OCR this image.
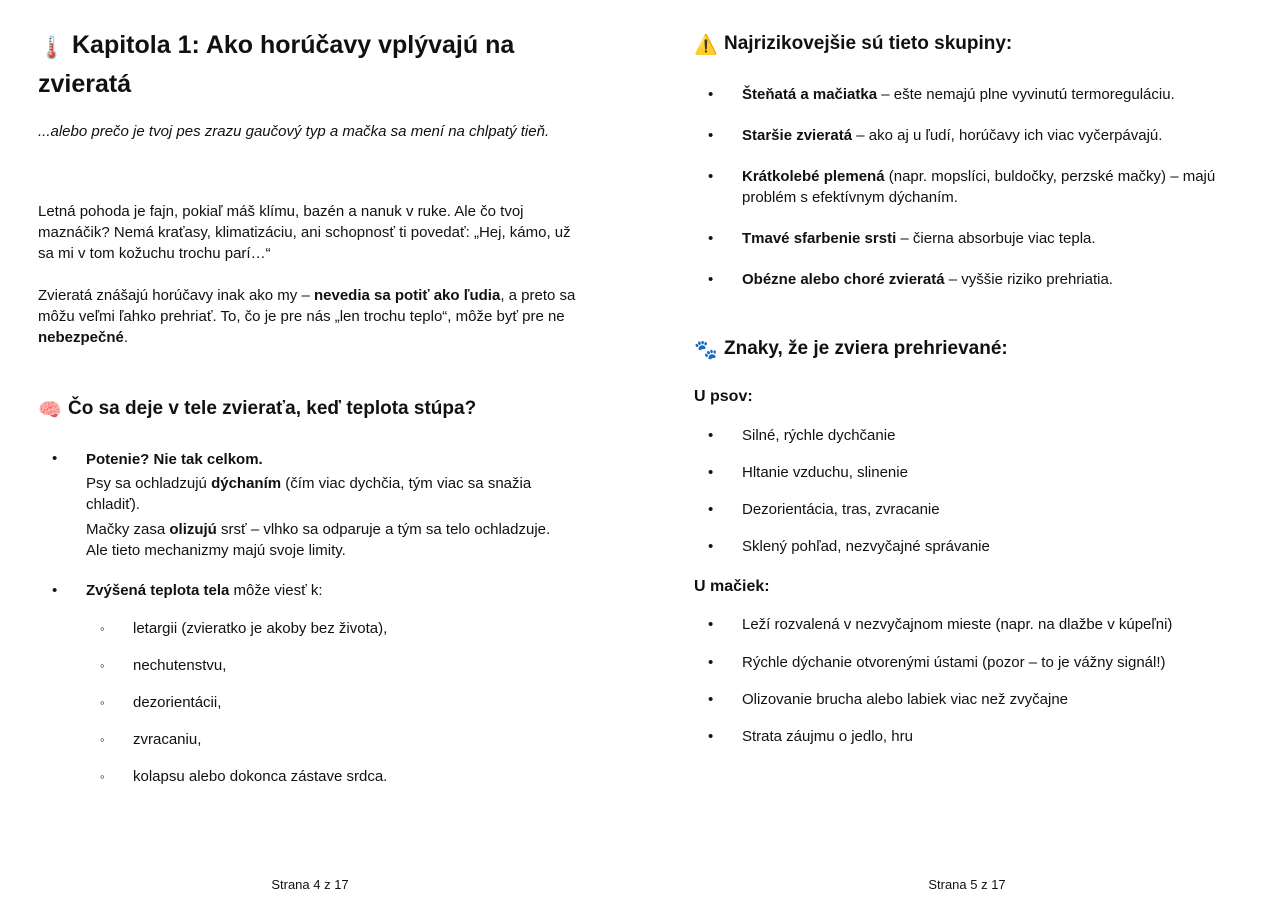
🌡️ Kapitola 1: Ako horúčavy vplývajú na zvieratá

...alebo prečo je tvoj pes zrazu gaučový typ a mačka sa mení na chlpatý tieň.

Letná pohoda je fajn, pokiaľ máš klímu, bazén a nanuk v ruke. Ale čo tvoj maznáčik? Nemá kraťasy, klimatizáciu, ani schopnosť ti povedať: „Hej, kámo, už sa mi v tom kožuchu trochu parí…“

Zvieratá znášajú horúčavy inak ako my – nevedia sa potiť ako ľudia, a preto sa môžu veľmi ľahko prehriať. To, čo je pre nás „len trochu teplo“, môže byť pre ne nebezpečné.

🧠 Čo sa deje v tele zvieraťa, keď teplota stúpa?
• Potenie? Nie tak celkom.
Psy sa ochladzujú dýchaním (čím viac dychčia, tým viac sa snažia chladiť).
Mačky zasa olizujú srsť – vlhko sa odparuje a tým sa telo ochladzuje.
Ale tieto mechanizmy majú svoje limity.
• Zvýšená teplota tela môže viesť k:
◦ letargii (zvieratko je akoby bez života),
◦ nechutenstvu,
◦ dezorientácii,
◦ zvracaniu,
◦ kolapsu alebo dokonca zástave srdca.
Strana 4 z 17
⚠️ Najrizikovejšie sú tieto skupiny:
• Šteňatá a mačiatka – ešte nemajú plne vyvinutú termoreguláciu.
• Staršie zvieratá – ako aj u ľudí, horúčavy ich viac vyčerpávajú.
• Krátkolebé plemená (napr. mopslíci, buldočky, perzské mačky) – majú problém s efektívnym dýchaním.
• Tmavé sfarbenie srsti – čierna absorbuje viac tepla.
• Obézne alebo choré zvieratá – vyššie riziko prehriatia.
🐾 Znaky, že je zviera prehrievané:
U psov:
• Silné, rýchle dychčanie
• Hltanie vzduchu, slinenie
• Dezorientácia, tras, zvracanie
• Sklený pohľad, nezvyčajné správanie
U mačiek:
• Leží rozvalená v nezvyčajnom mieste (napr. na dlažbe v kúpeľni)
• Rýchle dýchanie otvorenými ústami (pozor – to je vážny signál!)
• Olizovanie brucha alebo labiek viac než zvyčajne
• Strata záujmu o jedlo, hru
Strana 5 z 17
